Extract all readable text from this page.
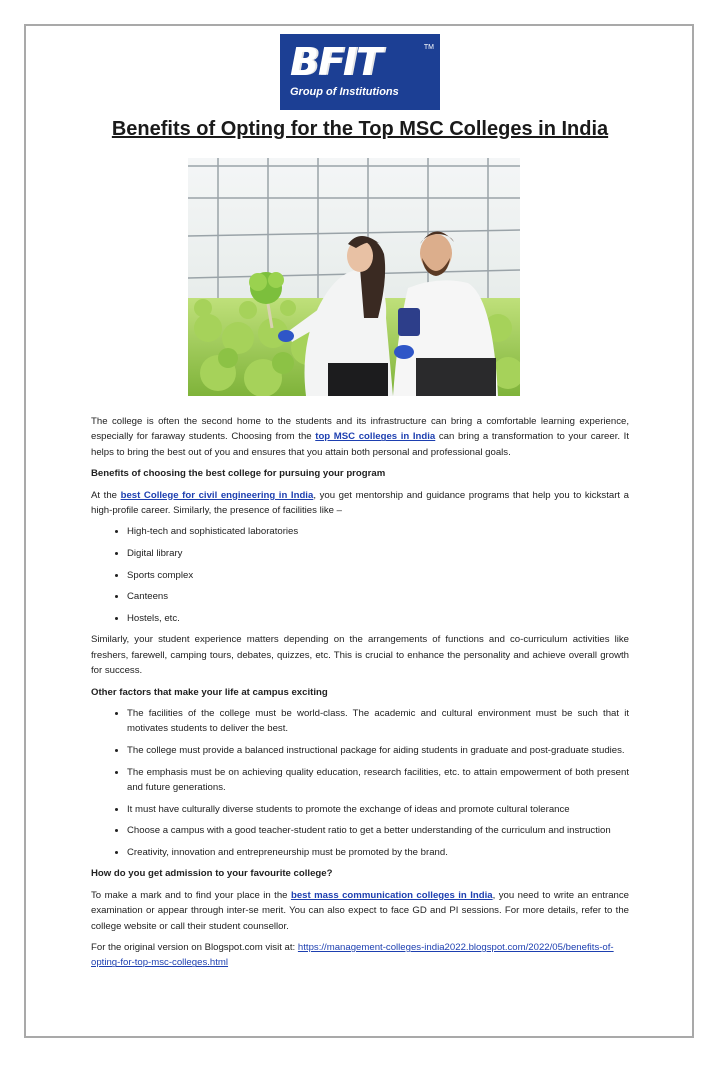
BFIT	TM
Group of Institutions
Benefits of Opting for the Top MSC Colleges in India

The college is often the second home to the students and its infrastructure can bring a comfortable learning experience, especially for faraway students. Choosing from the top MSC colleges in India can bring a transformation to your career. It helps to bring the best out of you and ensures that you attain both personal and professional goals.

Benefits of choosing the best college for pursuing your program

At the best College for civil engineering in India, you get mentorship and guidance programs that help you to kickstart a high-profile career. Similarly, the presence of facilities like –

• High-tech and sophisticated laboratories
• Digital library
• Sports complex
• Canteens
• Hostels, etc.

Similarly, your student experience matters depending on the arrangements of functions and co-curriculum activities like freshers, farewell, camping tours, debates, quizzes, etc. This is crucial to enhance the personality and achieve overall growth for success.

Other factors that make your life at campus exciting

• The facilities of the college must be world-class. The academic and cultural environment must be such that it motivates students to deliver the best.
• The college must provide a balanced instructional package for aiding students in graduate and post-graduate studies.
• The emphasis must be on achieving quality education, research facilities, etc. to attain empowerment of both present and future generations.
• It must have culturally diverse students to promote the exchange of ideas and promote cultural tolerance
• Choose a campus with a good teacher-student ratio to get a better understanding of the curriculum and instruction
• Creativity, innovation and entrepreneurship must be promoted by the brand.

How do you get admission to your favourite college?

To make a mark and to find your place in the best mass communication colleges in India, you need to write an entrance examination or appear through inter-se merit. You can also expect to face GD and PI sessions. For more details, refer to the college website or call their student counsellor.

For the original version on Blogspot.com visit at: https://management-colleges-india2022.blogspot.com/2022/05/benefits-of-opting-for-top-msc-colleges.html
